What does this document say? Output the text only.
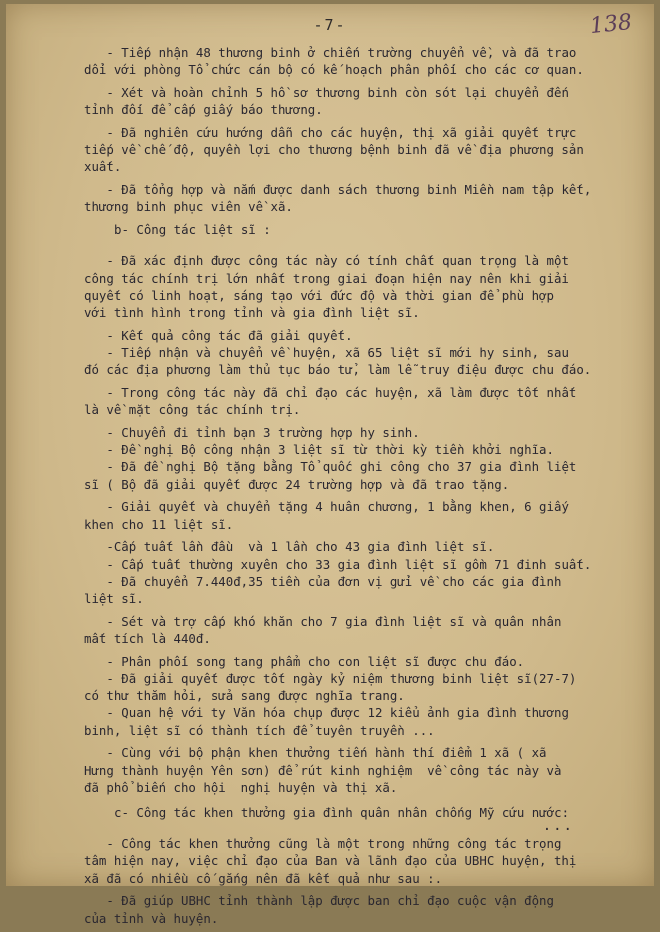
-7-	138

- Tiếp nhận 48 thương binh ở chiến trường chuyển về, và đã trao
dổi với phòng Tổ chức cán bộ có kế hoạch phân phối cho các cơ quan.

- Xét và hoàn chỉnh 5 hồ sơ thương binh còn sót lại chuyển đến
tỉnh đối để cấp giấy báo thương.

- Đã nghiên cứu hướng dẫn cho các huyện, thị xã giải quyết trực
tiếp về chế độ, quyền lợi cho thương bệnh binh đã về địa phương sản
xuất.

- Đã tổng hợp và nắm được danh sách thương binh Miền nam tập kết,
thương binh phục viên về xã.

b- Công tác liệt sĩ :

- Đã xác định được công tác này có tính chất quan trọng là một
công tác chính trị lớn nhất trong giai đoạn hiện nay nên khi giải
quyết có linh hoạt, sáng tạo với đức độ và thời gian để phù hợp
với tình hình trong tỉnh và gia đình liệt sĩ.

- Kết quả công tác đã giải quyết.

- Tiếp nhận và chuyển về huyện, xã 65 liệt sĩ mới hy sinh, sau
đó các địa phương làm thủ tục báo tử, làm lễ truy điệu được chu đáo.

- Trong công tác này đã chỉ đạo các huyện, xã làm được tốt nhất
là về mặt công tác chính trị.

- Chuyển đi tỉnh bạn 3 trường hợp hy sinh.
- Đề nghị Bộ công nhận 3 liệt sĩ từ thời kỳ tiền khởi nghĩa.
- Đã đề nghị Bộ tặng bằng Tổ quốc ghi công cho 37 gia đình liệt
sĩ ( Bộ đã giải quyết được 24 trường hợp và đã trao tặng.

- Giải quyết và chuyển tặng 4 huân chương, 1 bằng khen, 6 giấy
khen cho 11 liệt sĩ.

-Cấp tuất lần đầu  và 1 lần cho 43 gia đình liệt sĩ.
- Cấp tuất thường xuyên cho 33 gia đình liệt sĩ gồm 71 đinh suất.
- Đã chuyển 7.440đ,35 tiền của đơn vị gửi về cho các gia đình
liệt sĩ.

- Sét và trợ cấp khó khăn cho 7 gia đình liệt sĩ và quân nhân
mất tích là 440đ.

- Phân phối song tang phẩm cho con liệt sĩ được chu đáo.
- Đã giải quyết được tốt ngày kỷ niệm thương binh liệt sĩ(27-7)
có thư thăm hỏi, sửa sang được nghĩa trang.
- Quan hệ với ty Văn hóa chụp được 12 kiểu ảnh gia đình thương
binh, liệt sĩ có thành tích để tuyên truyền ...

- Cùng với bộ phận khen thưởng tiến hành thí điểm 1 xã ( xã
Hưng thành huyện Yên sơn) để rút kinh nghiệm  về công tác này và
đã phổ biến cho hội  nghị huyện và thị xã.

c- Công tác khen thưởng gia đình quân nhân chống Mỹ cứu nước:

- Công tác khen thưởng cũng là một trong những công tác trọng
tâm hiện nay, việc chỉ đạo của Ban và lãnh đạo của UBHC huyện, thị
xã đã có nhiều cố gắng nên đã kết quả như sau :.

- Đã giúp UBHC tỉnh thành lập được ban chỉ đạo cuộc vận động
của tỉnh và huyện.

...
